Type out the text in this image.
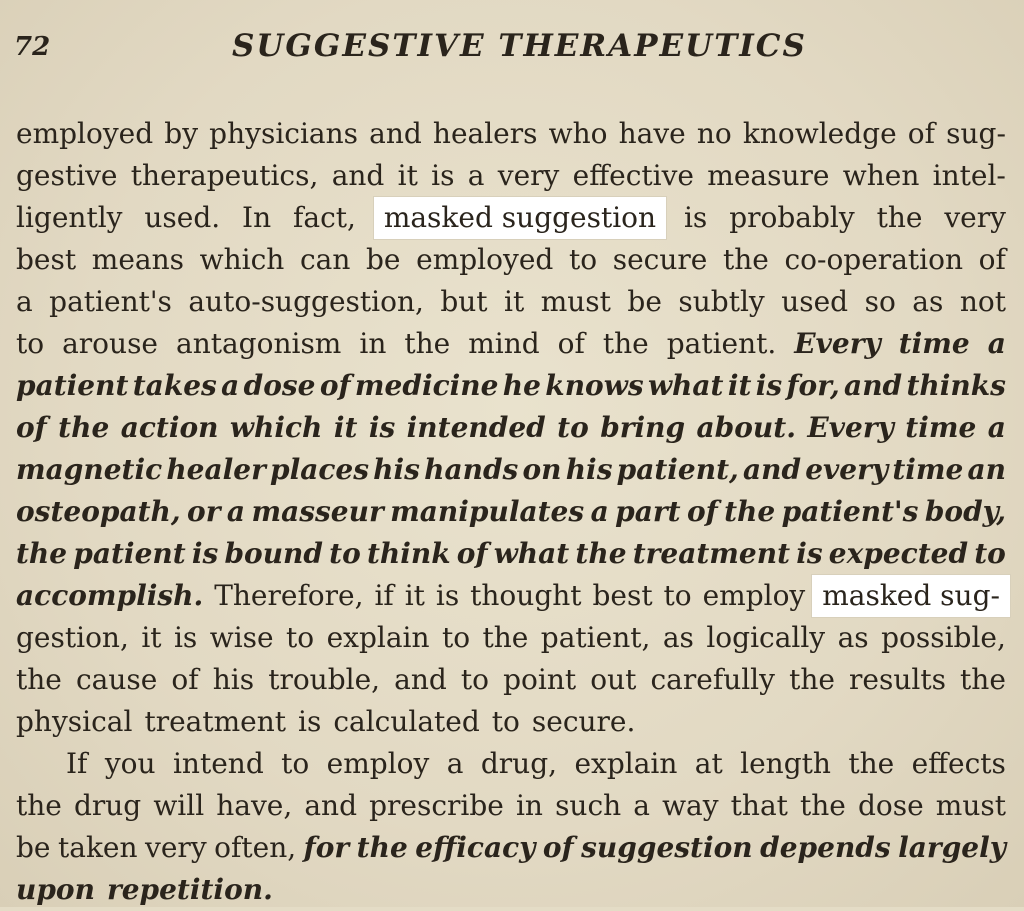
72	SUGGESTIVE THERAPEUTICS
employed by physicians and healers who have no knowledge of sug-
gestive therapeutics, and it is a very effective measure when intel-
ligently used. In fact, masked suggestion is probably the very
best means which can be employed to secure the co-operation of
a patient's auto-suggestion, but it must be subtly used so as not
to arouse antagonism in the mind of the patient. Every time a
patient takes a dose of medicine he knows what it is for, and thinks
of the action which it is intended to bring about. Every time a
magnetic healer places his hands on his patient, and every time an
osteopath, or a masseur manipulates a part of the patient's body,
the patient is bound to think of what the treatment is expected to
accomplish. Therefore, if it is thought best to employ masked sug-
gestion, it is wise to explain to the patient, as logically as possible,
the cause of his trouble, and to point out carefully the results the
physical treatment is calculated to secure.
If you intend to employ a drug, explain at length the effects
the drug will have, and prescribe in such a way that the dose must
be taken very often, for the efficacy of suggestion depends largely
upon repetition.
